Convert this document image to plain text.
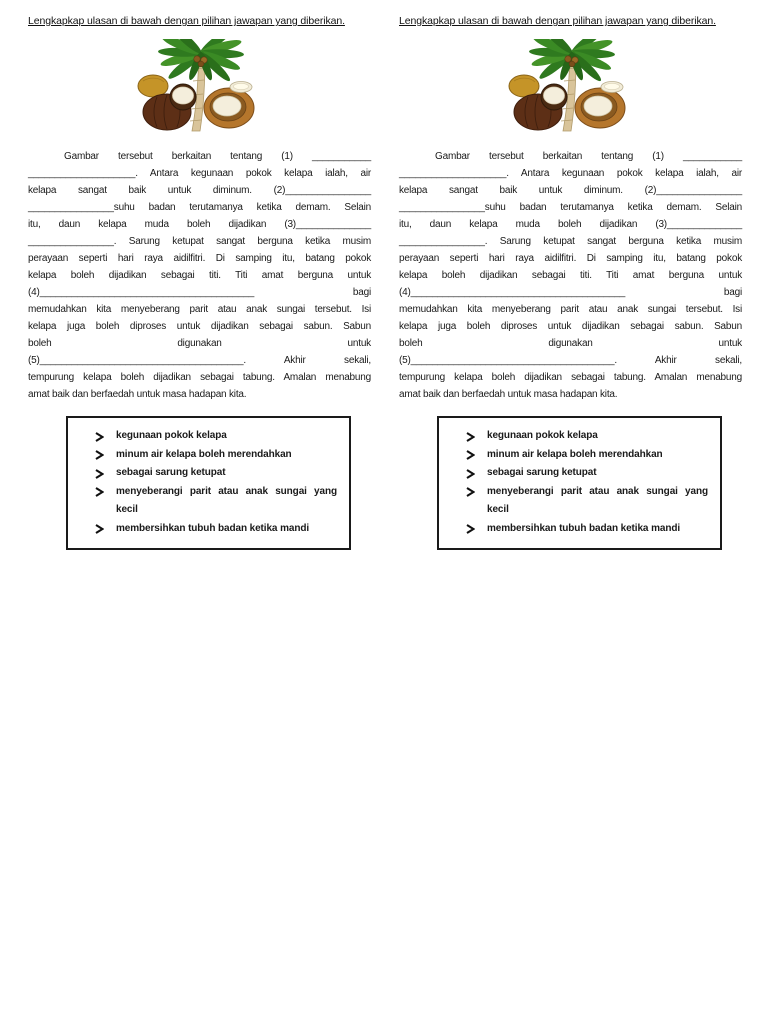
Lengkapkap ulasan di bawah dengan pilihan jawapan yang diberikan.
Gambar tersebut berkaitan tentang (1) ___________
____________________. Antara kegunaan pokok kelapa ialah, air
kelapa sangat baik untuk diminum. (2)________________
________________suhu badan terutamanya ketika demam. Selain
itu, daun kelapa muda boleh dijadikan (3)______________
________________. Sarung ketupat sangat berguna ketika musim
perayaan seperti hari raya aidilfitri. Di samping itu, batang pokok
kelapa boleh dijadikan sebagai titi. Titi amat berguna untuk
(4)________________________________________ bagi
memudahkan kita menyeberang parit atau anak sungai tersebut. Isi
kelapa juga boleh diproses untuk dijadikan sebagai sabun. Sabun
boleh digunakan untuk
(5)______________________________________. Akhir sekali,
tempurung kelapa boleh dijadikan sebagai tabung. Amalan menabung
amat baik dan berfaedah untuk masa hadapan kita.
kegunaan pokok kelapa
minum air kelapa boleh merendahkan
sebagai sarung ketupat
menyeberangi parit atau anak sungai yang kecil
membersihkan tubuh badan ketika mandi
Lengkapkap ulasan di bawah dengan pilihan jawapan yang diberikan.
Gambar tersebut berkaitan tentang (1) ___________
____________________. Antara kegunaan pokok kelapa ialah, air
kelapa sangat baik untuk diminum. (2)________________
________________suhu badan terutamanya ketika demam. Selain
itu, daun kelapa muda boleh dijadikan (3)______________
________________. Sarung ketupat sangat berguna ketika musim
perayaan seperti hari raya aidilfitri. Di samping itu, batang pokok
kelapa boleh dijadikan sebagai titi. Titi amat berguna untuk
(4)________________________________________ bagi
memudahkan kita menyeberang parit atau anak sungai tersebut. Isi
kelapa juga boleh diproses untuk dijadikan sebagai sabun. Sabun
boleh digunakan untuk
(5)______________________________________. Akhir sekali,
tempurung kelapa boleh dijadikan sebagai tabung. Amalan menabung
amat baik dan berfaedah untuk masa hadapan kita.
kegunaan pokok kelapa
minum air kelapa boleh merendahkan
sebagai sarung ketupat
menyeberangi parit atau anak sungai yang kecil
membersihkan tubuh badan ketika mandi
